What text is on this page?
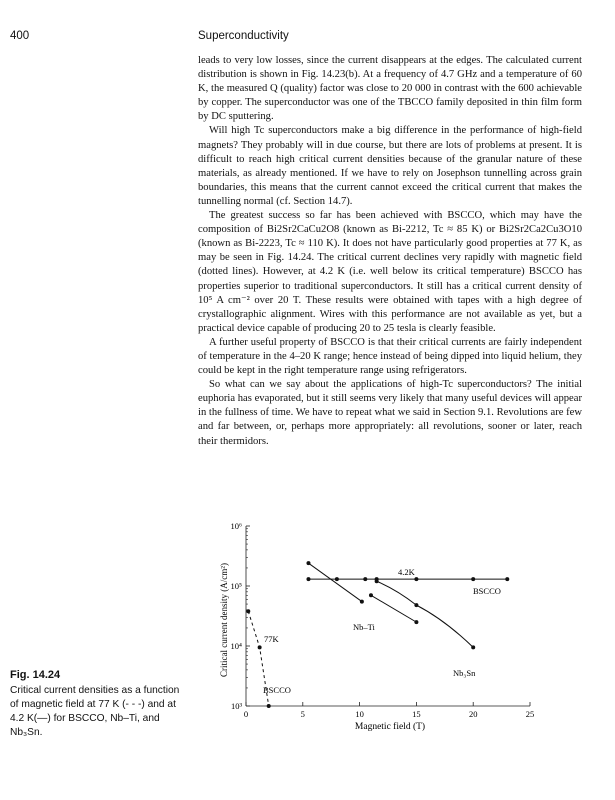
400	Superconductivity

leads to very low losses, since the current disappears at the edges. The calculated current distribution is shown in Fig. 14.23(b). At a frequency of 4.7 GHz and a temperature of 60 K, the measured Q (quality) factor was close to 20 000 in contrast with the 600 achievable by copper. The superconductor was one of the TBCCO family deposited in thin film form by DC sputtering.

Will high Tc superconductors make a big difference in the performance of high-field magnets? They probably will in due course, but there are lots of problems at present. It is difficult to reach high critical current densities because of the granular nature of these materials, as already mentioned. If we have to rely on Josephson tunnelling across grain boundaries, this means that the current cannot exceed the critical current that makes the tunnelling normal (cf. Section 14.7).

The greatest success so far has been achieved with BSCCO, which may have the composition of Bi2Sr2CaCu2O8 (known as Bi-2212, Tc ≈ 85 K) or Bi2Sr2Ca2Cu3O10 (known as Bi-2223, Tc ≈ 110 K). It does not have particularly good properties at 77 K, as may be seen in Fig. 14.24. The critical current declines very rapidly with magnetic field (dotted lines). However, at 4.2 K (i.e. well below its critical temperature) BSCCO has properties superior to traditional superconductors. It still has a critical current density of 10⁵ A cm⁻² over 20 T. These results were obtained with tapes with a high degree of crystallographic alignment. Wires with this performance are not available as yet, but a practical device capable of producing 20 to 25 tesla is clearly feasible.

A further useful property of BSCCO is that their critical currents are fairly independent of temperature in the 4–20 K range; hence instead of being dipped into liquid helium, they could be kept in the right temperature range using refrigerators.

So what can we say about the applications of high-Tc superconductors? The initial euphoria has evaporated, but it still seems very likely that many useful devices will appear in the fullness of time. We have to repeat what we said in Section 9.1. Revolutions are few and far between, or, perhaps more appropriately: all revolutions, sooner or later, reach their thermidors.

0	5	10	15	20	25
10³
10⁴
10⁵
10⁶
Magnetic field (T)
Critical current density (A/cm²)	4.2K
BSCCO
Nb–Ti
77K
Nb₃Sn
BSCCO
Fig. 14.24
Critical current densities as a function of magnetic field at 77 K (- - -) and at 4.2 K(—) for BSCCO, Nb–Ti, and Nb₃Sn.
